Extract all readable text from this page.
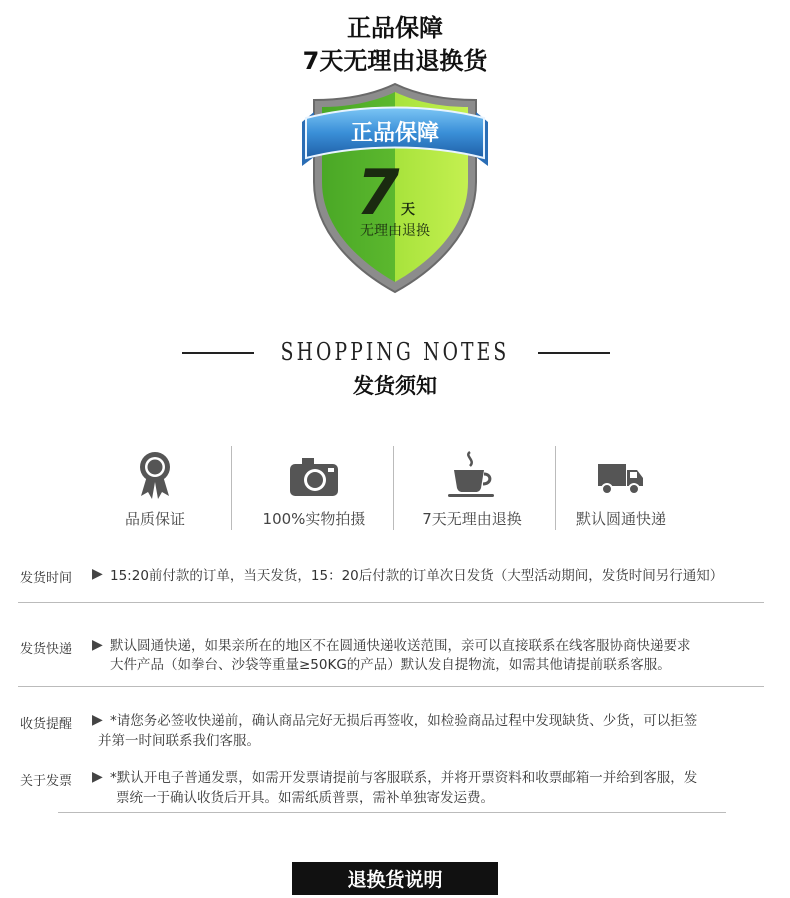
正品保障
7天无理由退换货
正品保障
7 天
无理由退换
SHOPPING NOTES
发货须知
品质保证	100%实物拍摄	7天无理由退换	默认圆通快递
发货时间 ▶ 15:20前付款的订单，当天发货，15：20后付款的订单次日发货（大型活动期间，发货时间另行通知）
发货快递 ▶ 默认圆通快递，如果亲所在的地区不在圆通快递收送范围，亲可以直接联系在线客服协商快递要求
大件产品（如拳台、沙袋等重量≥50KG的产品）默认发自提物流，如需其他请提前联系客服。
收货提醒 ▶ *请您务必签收快递前，确认商品完好无损后再签收，如检验商品过程中发现缺货、少货，可以拒签
并第一时间联系我们客服。
关于发票 ▶ *默认开电子普通发票，如需开发票请提前与客服联系，并将开票资料和收票邮箱一并给到客服，发
票统一于确认收货后开具。如需纸质普票，需补单独寄发运费。
退换货说明
